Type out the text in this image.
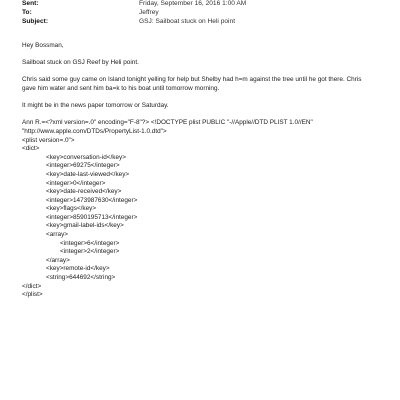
Sent:	Friday, September 16, 2016 1:00 AM
To:	Jeffrey
Subject:	GSJ: Sailboat stuck on Heli point

Hey Bossman,

Sailboat stuck on GSJ Reef by Heli point.

Chris said some guy came on Island tonight yelling for help but Shelby had h=m against the tree until he got there. Chris

gave him water and sent him ba=k to his boat until tomorrow morning.

It might be in the news paper tomorrow or Saturday.

Ann R.=<?xml version=.0" encoding="F-8"?> <!DOCTYPE plist PUBLIC "-//Apple//DTD PLIST 1.0//EN"

"http://www.apple.com/DTDs/PropertyList-1.0.dtd">

<plist version=.0">

<dict>

<key>conversation-id</key>

<integer>69275</integer>

<key>date-last-viewed</key>

<integer>0</integer>

<key>date-received</key>

<integer>1473987630</integer>

<key>flags</key>

<integer>8590195713</integer>

<key>gmail-label-ids</key>

<array>

<integer>6</integer>

<integer>2</integer>

</array>

<key>remote-id</key>

<string>644692</string>

</dict>

</plist>
